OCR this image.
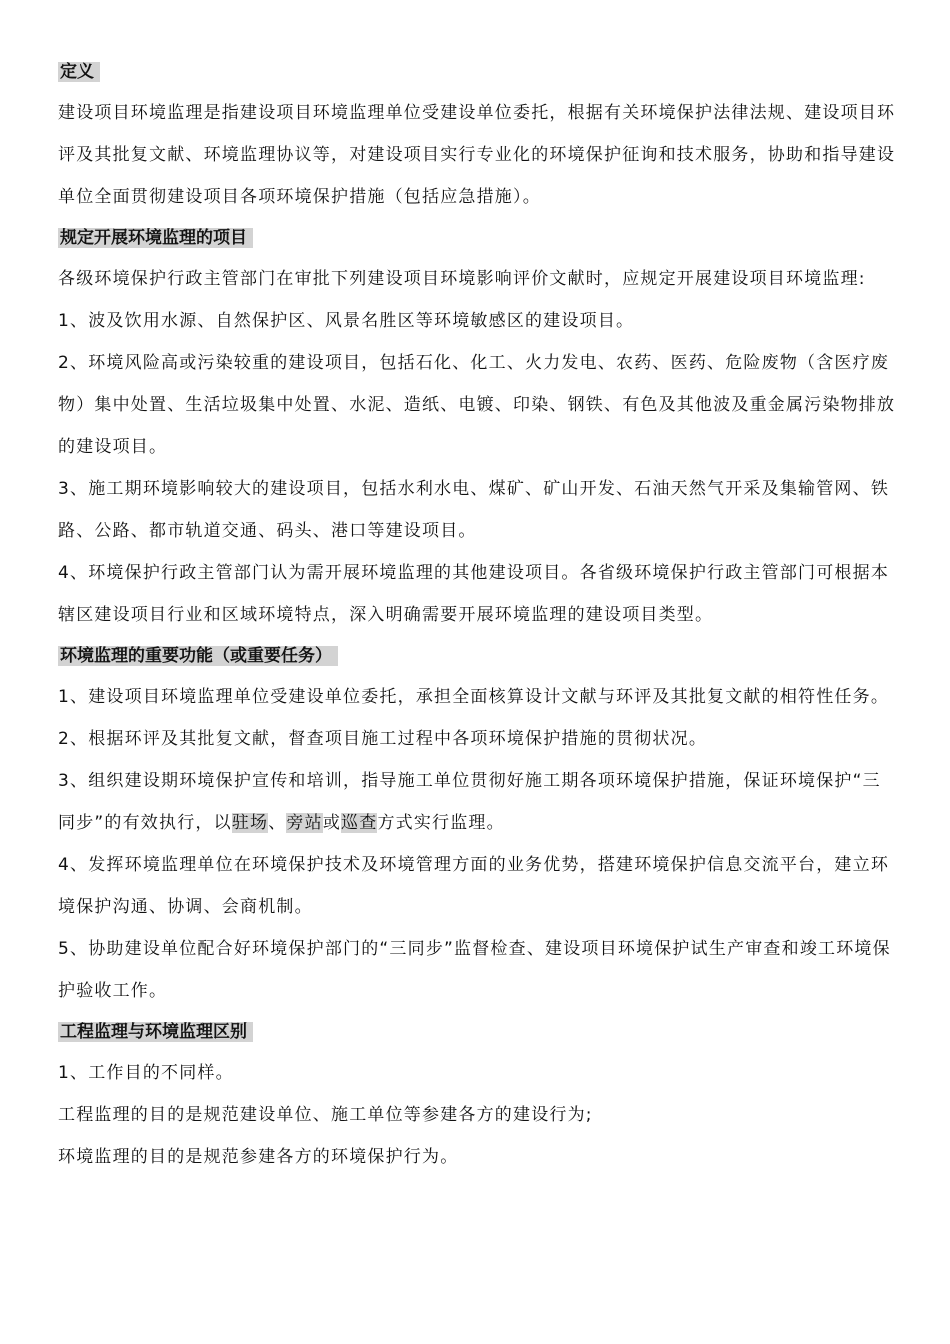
定义

建设项目环境监理是指建设项目环境监理单位受建设单位委托，根据有关环境保护法律法规、建设项目环评及其批复文献、环境监理协议等，对建设项目实行专业化的环境保护征询和技术服务，协助和指导建设单位全面贯彻建设项目各项环境保护措施（包括应急措施）。

规定开展环境监理的项目

各级环境保护行政主管部门在审批下列建设项目环境影响评价文献时，应规定开展建设项目环境监理:

1、波及饮用水源、自然保护区、风景名胜区等环境敏感区的建设项目。

2、环境风险高或污染较重的建设项目，包括石化、化工、火力发电、农药、医药、危险废物（含医疗废物）集中处置、生活垃圾集中处置、水泥、造纸、电镀、印染、钢铁、有色及其他波及重金属污染物排放的建设项目。

3、施工期环境影响较大的建设项目，包括水利水电、煤矿、矿山开发、石油天然气开采及集输管网、铁路、公路、都市轨道交通、码头、港口等建设项目。

4、环境保护行政主管部门认为需开展环境监理的其他建设项目。各省级环境保护行政主管部门可根据本辖区建设项目行业和区域环境特点，深入明确需要开展环境监理的建设项目类型。

环境监理的重要功能（或重要任务）

1、建设项目环境监理单位受建设单位委托，承担全面核算设计文献与环评及其批复文献的相符性任务。

2、根据环评及其批复文献，督查项目施工过程中各项环境保护措施的贯彻状况。

3、组织建设期环境保护宣传和培训，指导施工单位贯彻好施工期各项环境保护措施，保证环境保护“三同步”的有效执行，以驻场、旁站或巡查方式实行监理。

4、发挥环境监理单位在环境保护技术及环境管理方面的业务优势，搭建环境保护信息交流平台，建立环境保护沟通、协调、会商机制。

5、协助建设单位配合好环境保护部门的“三同步”监督检查、建设项目环境保护试生产审查和竣工环境保护验收工作。

工程监理与环境监理区别

1、工作目的不同样。

工程监理的目的是规范建设单位、施工单位等参建各方的建设行为;

环境监理的目的是规范参建各方的环境保护行为。
